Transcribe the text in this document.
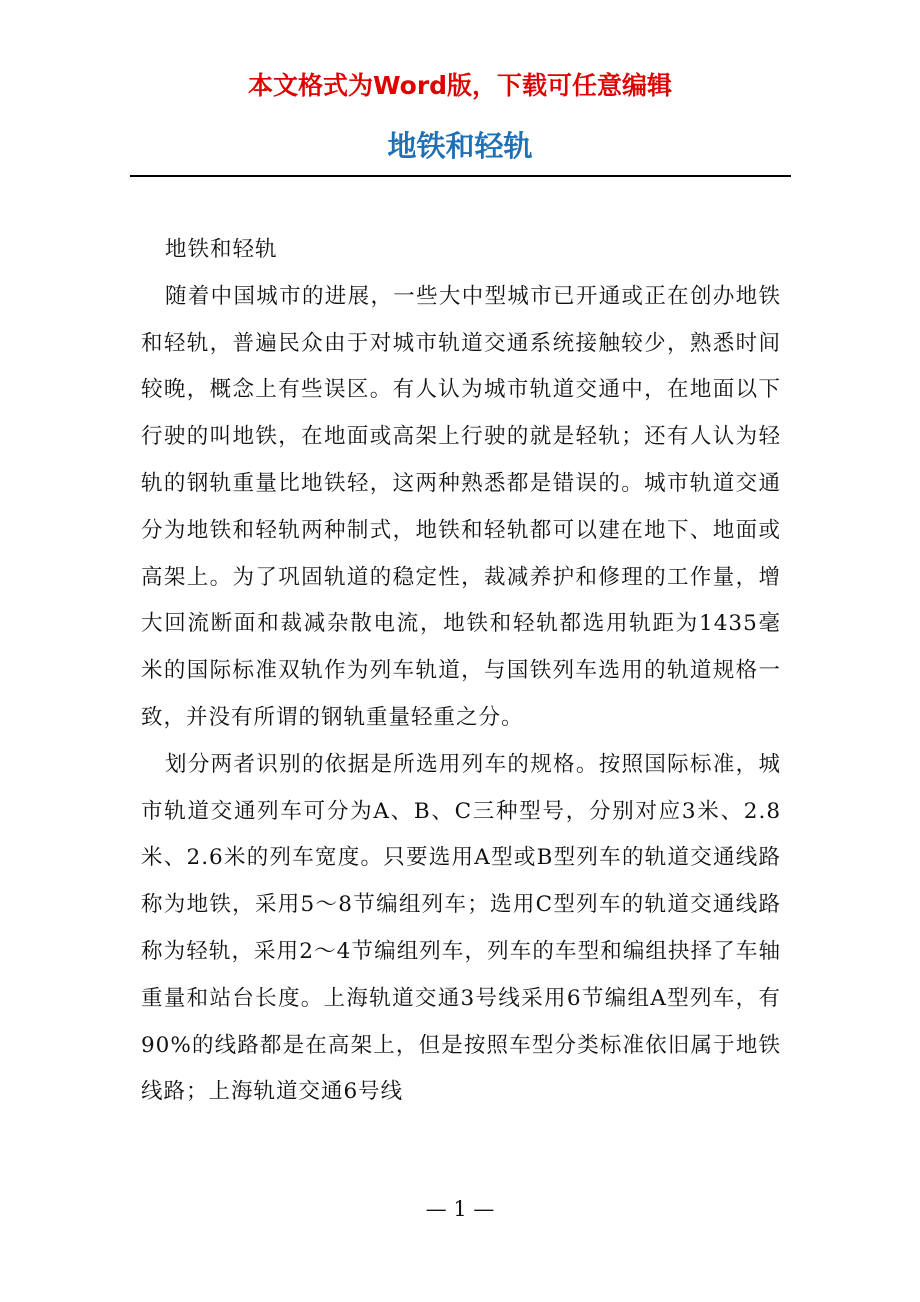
本文格式为Word版，下载可任意编辑
地铁和轻轨

地铁和轻轨

随着中国城市的进展，一些大中型城市已开通或正在创办地铁和轻轨，普遍民众由于对城市轨道交通系统接触较少，熟悉时间较晚，概念上有些误区。有人认为城市轨道交通中，在地面以下行驶的叫地铁，在地面或高架上行驶的就是轻轨；还有人认为轻轨的钢轨重量比地铁轻，这两种熟悉都是错误的。城市轨道交通分为地铁和轻轨两种制式，地铁和轻轨都可以建在地下、地面或高架上。为了巩固轨道的稳定性，裁减养护和修理的工作量，增大回流断面和裁减杂散电流，地铁和轻轨都选用轨距为1435毫米的国际标准双轨作为列车轨道，与国铁列车选用的轨道规格一致，并没有所谓的钢轨重量轻重之分。

划分两者识别的依据是所选用列车的规格。按照国际标准，城市轨道交通列车可分为A、B、C三种型号，分别对应3米、2.8米、2.6米的列车宽度。只要选用A型或B型列车的轨道交通线路称为地铁，采用5～8节编组列车；选用C型列车的轨道交通线路称为轻轨，采用2～4节编组列车，列车的车型和编组抉择了车轴重量和站台长度。上海轨道交通3号线采用6节编组A型列车，有90%的线路都是在高架上，但是按照车型分类标准依旧属于地铁线路；上海轨道交通6号线

— 1 —
